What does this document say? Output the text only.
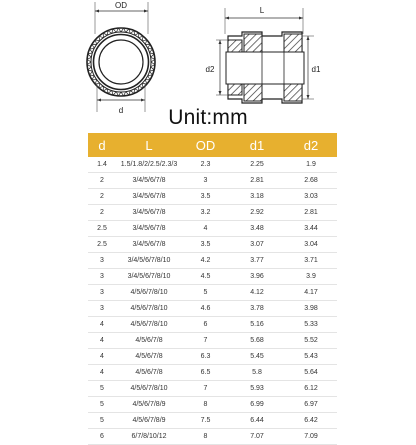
OD
d
L
d2	d1
Unit:mm
d	L	OD	d1	d2
1.4	1.5/1.8/2/2.5/2.3/3	2.3	2.25	1.9
2	3/4/5/6/7/8	3	2.81	2.68
2	3/4/5/6/7/8	3.5	3.18	3.03
2	3/4/5/6/7/8	3.2	2.92	2.81
2.5	3/4/5/6/7/8	4	3.48	3.44
2.5	3/4/5/6/7/8	3.5	3.07	3.04
3	3/4/5/6/7/8/10	4.2	3.77	3.71
3	3/4/5/6/7/8/10	4.5	3.96	3.9
3	4/5/6/7/8/10	5	4.12	4.17
3	4/5/6/7/8/10	4.6	3.78	3.98
4	4/5/6/7/8/10	6	5.16	5.33
4	4/5/6/7/8	7	5.68	5.52
4	4/5/6/7/8	6.3	5.45	5.43
4	4/5/6/7/8	6.5	5.8	5.64
5	4/5/6/7/8/10	7	5.93	6.12
5	4/5/6/7/8/9	8	6.99	6.97
5	4/5/6/7/8/9	7.5	6.44	6.42
6	6/7/8/10/12	8	7.07	7.09
